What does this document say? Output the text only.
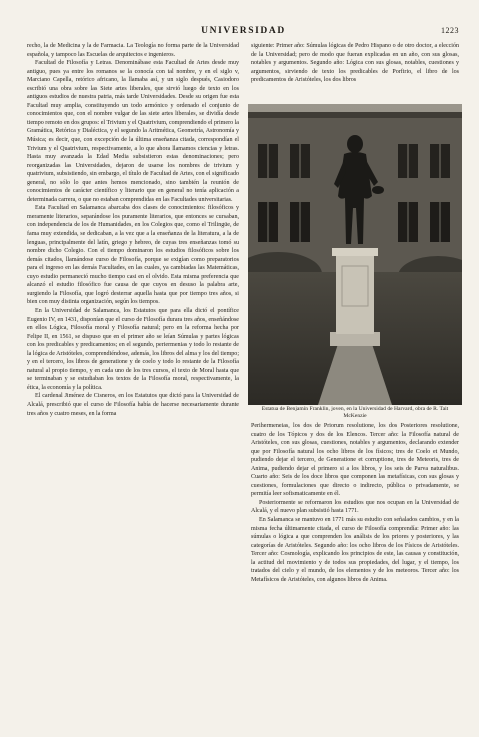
UNIVERSIDAD	1223

recho, la de Medicina y la de Farmacia. La Teología no forma parte de la Universidad española, y tampoco las Escuelas de arquitectos e ingenieros.

Facultad de Filosofía y Letras. Denominábase esta Facultad de Artes desde muy antiguo, pues ya entre los romanos se la conocía con tal nombre, y en el siglo v, Marciano Capella, retórico africano, la llamaba así, y un siglo después, Casiodoro escribió una obra sobre las Siete artes liberales, que sirvió luego de texto en los antiguos estudios de nuestra patria, más tarde Universidades. Desde su origen fue esta Facultad muy amplia, constituyendo un todo armónico y ordenado el conjunto de conocimientos que, con el nombre vulgar de las siete artes liberales, se dividía desde tiempo remoto en dos grupos: el Trivium y el Quatrivium, comprendiendo el primero la Gramática, Retórica y Dialéctica, y el segundo la Aritmética, Geometría, Astronomía y Música; es decir, que, con excepción de la última enseñanza citada, correspondían el Trivium y el Quatrivium, respectivamente, a lo que ahora llamamos ciencias y letras. Hasta muy avanzada la Edad Media subsistieron estas denominaciones; pero reorganizadas las Universidades, dejaron de usarse los nombres de trivium y quatrivium, subsistiendo, sin embargo, el título de Facultad de Artes, con el significado general, no sólo lo que antes hemos mencionado, sino también la reunión de conocimientos de carácter científico y literario que en general no tenía aplicación a determinada carrera, o que no estaban comprendidas en las Facultades universitarias.

Esta Facultad en Salamanca abarcaba dos clases de conocimientos: filosóficos y meramente literarios, separándose los puramente literarios, que entonces se cursaban, con independencia de los de Humanidades, en los Colegios que, como el Trilingüe, de fama muy extendida, se dedicaban, a la vez que a la enseñanza de la literatura, a la de lenguas, principalmente del latín, griego y hebreo, de cuyas tres enseñanzas tomó su nombre dicho Colegio. Con el tiempo dominaron los estudios filosóficos sobre los demás citados, llamándose curso de Filosofía, porque se exigían como preparatorios para el ingreso en las demás Facultades, en las cuales, ya cambiadas las Matemáticas, cuyo estudio permaneció mucho tiempo casi en el olvido. Esta misma preferencia que alcanzó el estudio filosófico fue causa de que cuyos en desuso la palabra arte, surgiendo la Filosofía, que logró desterrar aquella hasta que por tiempo tres años, si bien con muy distinta organización, según los tiempos.

En la Universidad de Salamanca, los Estatutos que para ella dictó el pontífice Eugenio IV, en 1431, disponían que el curso de Filosofía durara tres años, enseñándose en ellos Lógica, Filosofía moral y Filosofía natural; pero en la reforma hecha por Felipe II, en 1561, se dispuso que en el primer año se leían Súmulas y partes lógicas con los predicables y predicamentos; en el segundo, periermenias y todo lo restante de la lógica de Aristóteles, comprendiéndose, además, los libros del alma y los del tiempo; y en el tercero, los libros de generatione y de coelo y todo lo restante de la Filosofía natural al propio tiempo, y en cada uno de los tres cursos, el texto de Moral hasta que se terminaban y se estudiaban los textos de la Filosofía moral, respectivamente, la ética, la economía y la política.

El cardenal Jiménez de Cisneros, en los Estatutos que dictó para la Universidad de Alcalá, prescribió que el curso de Filosofía había de hacerse necesariamente durante tres años y cuatro meses, en la forma

siguiente: Primer año: Súmulas lógicas de Pedro Hispano o de otro doctor, a elección de la Universidad; pero de modo que fueran explicadas en un año, con sus glosas, notables y argumentos. Segundo año: Lógica con sus glosas, notables, cuestiones y argumentos, sirviendo de texto los predicables de Porfirio, el libro de los predicamentos de Aristóteles, los dos libros

Estatua de Benjamín Franklin, joven, en la Universidad de Harvard, obra de R. Tait McKenzie

Perihermeneias, los dos de Priorum resolutione, los dos Posteriores resolutione, cuatro de los Tópicos y dos de los Elencos. Tercer año: la Filosofía natural de Aristóteles, con sus glosas, cuestiones, notables y argumentos, declarando extender que por Filosofía natural los ocho libros de los físicos; tres de Coelo et Mundo, pudiendo dejar el tercero, de Generatione et corruptione, tres de Meteoris, tres de Anima, pudiendo dejar el primero si a los libros, y los seis de Parva naturalibus. Cuarto año: Seis de los doce libros que componen las metafísicas, con sus glosas y cuestiones, formulaciones que directo o indirecto, pública o privadamente, se permitía leer sofismaticamente en él.

Posteriormente se reformaron los estudios que nos ocupan en la Universidad de Alcalá, y el nuevo plan subsistió hasta 1771.

En Salamanca se mantuvo en 1771 más su estudio con señalados cambios, y en la misma fecha últimamente citada, el curso de Filosofía comprendía: Primer año: las súmulas o lógica a que comprenden los análisis de los priores y posteriores, y las categorías de Aristóteles. Segundo año: los ocho libros de los Físicos de Aristóteles. Tercer año: Cosmología, explicando los principios de este, las causas y constitución, la actitud del movimiento y de todos sus propiedades, del lugar, y el tiempo, los tratados del cielo y el mundo, de los elementos y de los meteoros. Tercer año: los Metafísicos de Aristóteles, con algunos libros de Anima.
